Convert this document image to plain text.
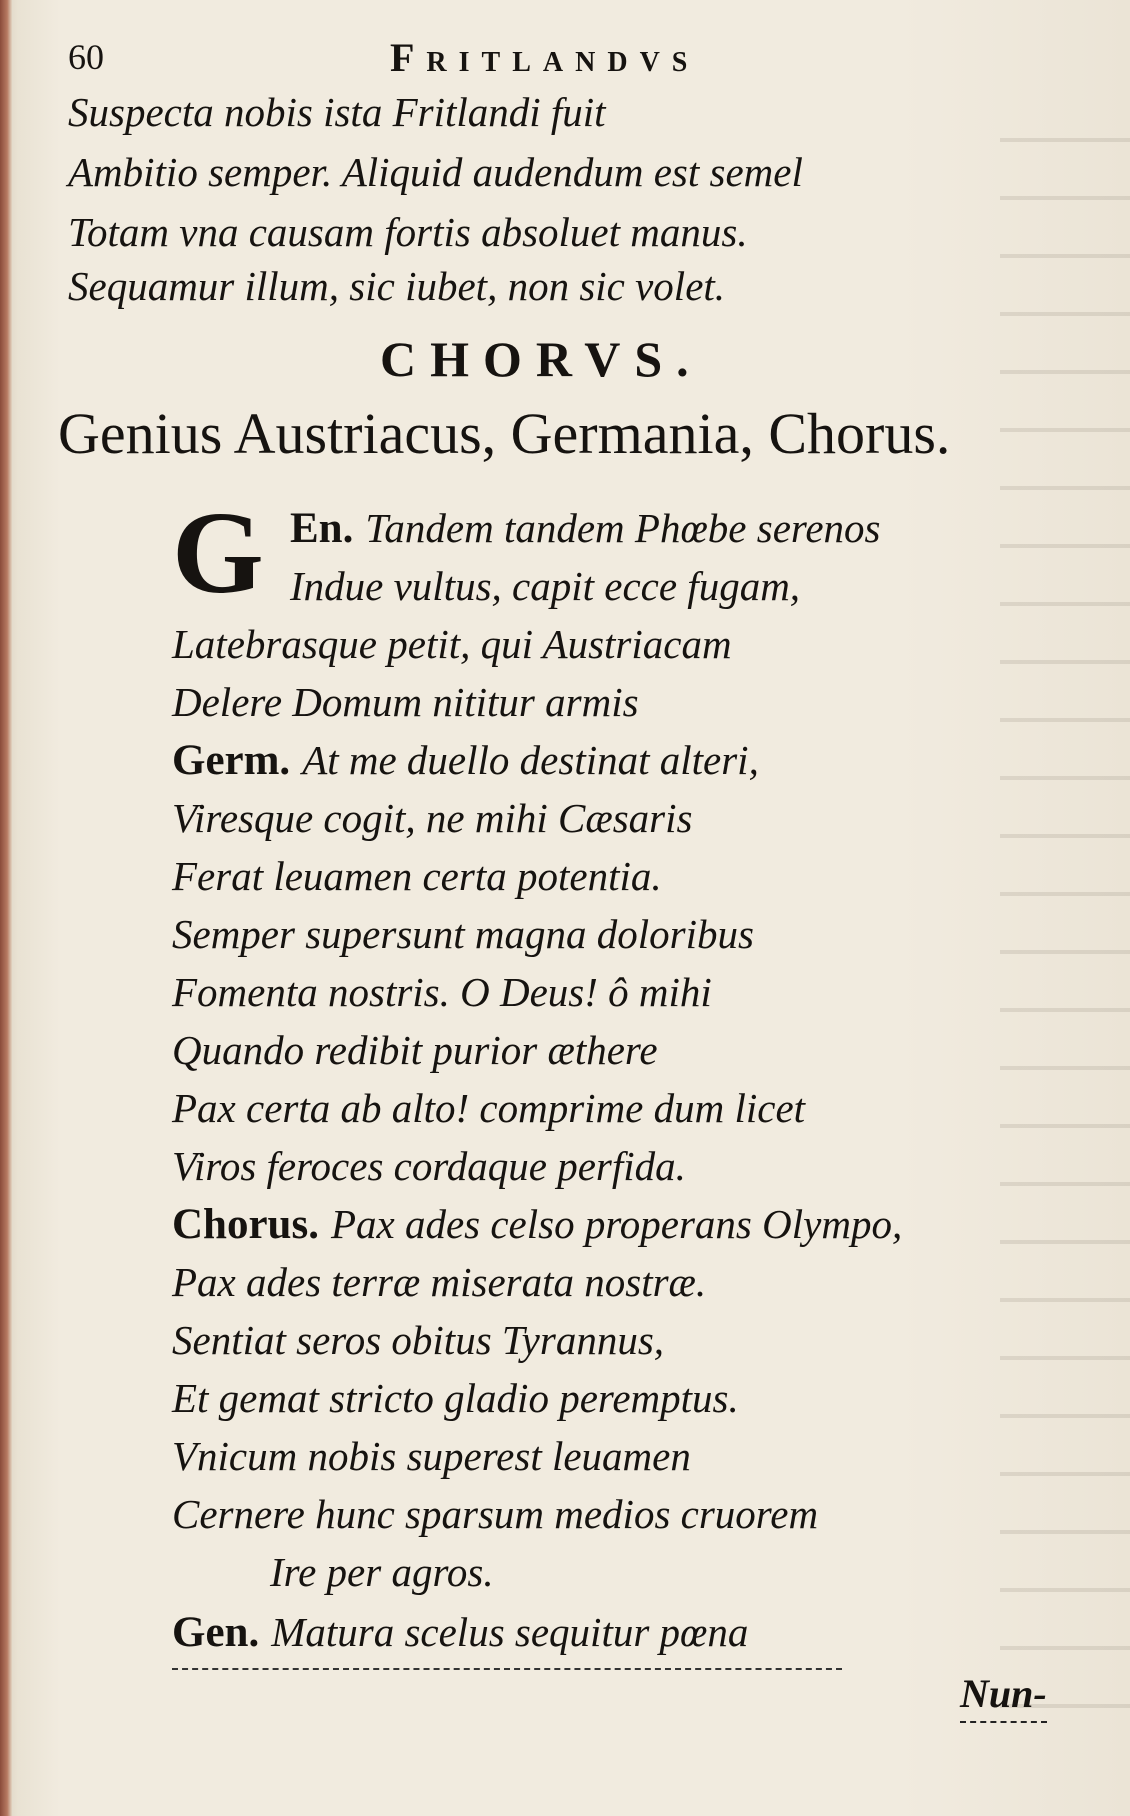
60	Fritlandvs
Suspecta nobis ista Fritlandi fuit
Ambitio semper. Aliquid audendum est semel
Totam vna causam fortis absoluet manus.
Sequamur illum, sic iubet, non sic volet.
CHORVS.
Genius Austriacus, Germania, Chorus.
G En. Tandem tandem Phœbe serenos
Indue vultus, capit ecce fugam,
Latebrasque petit, qui Austriacam
Delere Domum nititur armis
Germ. At me duello destinat alteri,
Viresque cogit, ne mihi Cæsaris
Ferat leuamen certa potentia.
Semper supersunt magna doloribus
Fomenta nostris. O Deus! ô mihi
Quando redibit purior æthere
Pax certa ab alto! comprime dum licet
Viros feroces cordaque perfida.
Chorus. Pax ades celso properans Olympo,
Pax ades terræ miserata nostræ.
Sentiat seros obitus Tyrannus,
Et gemat stricto gladio peremptus.
Vnicum nobis superest leuamen
Cernere hunc sparsum medios cruorem
Ire per agros.
Gen. Matura scelus sequitur pœna
Nun-
